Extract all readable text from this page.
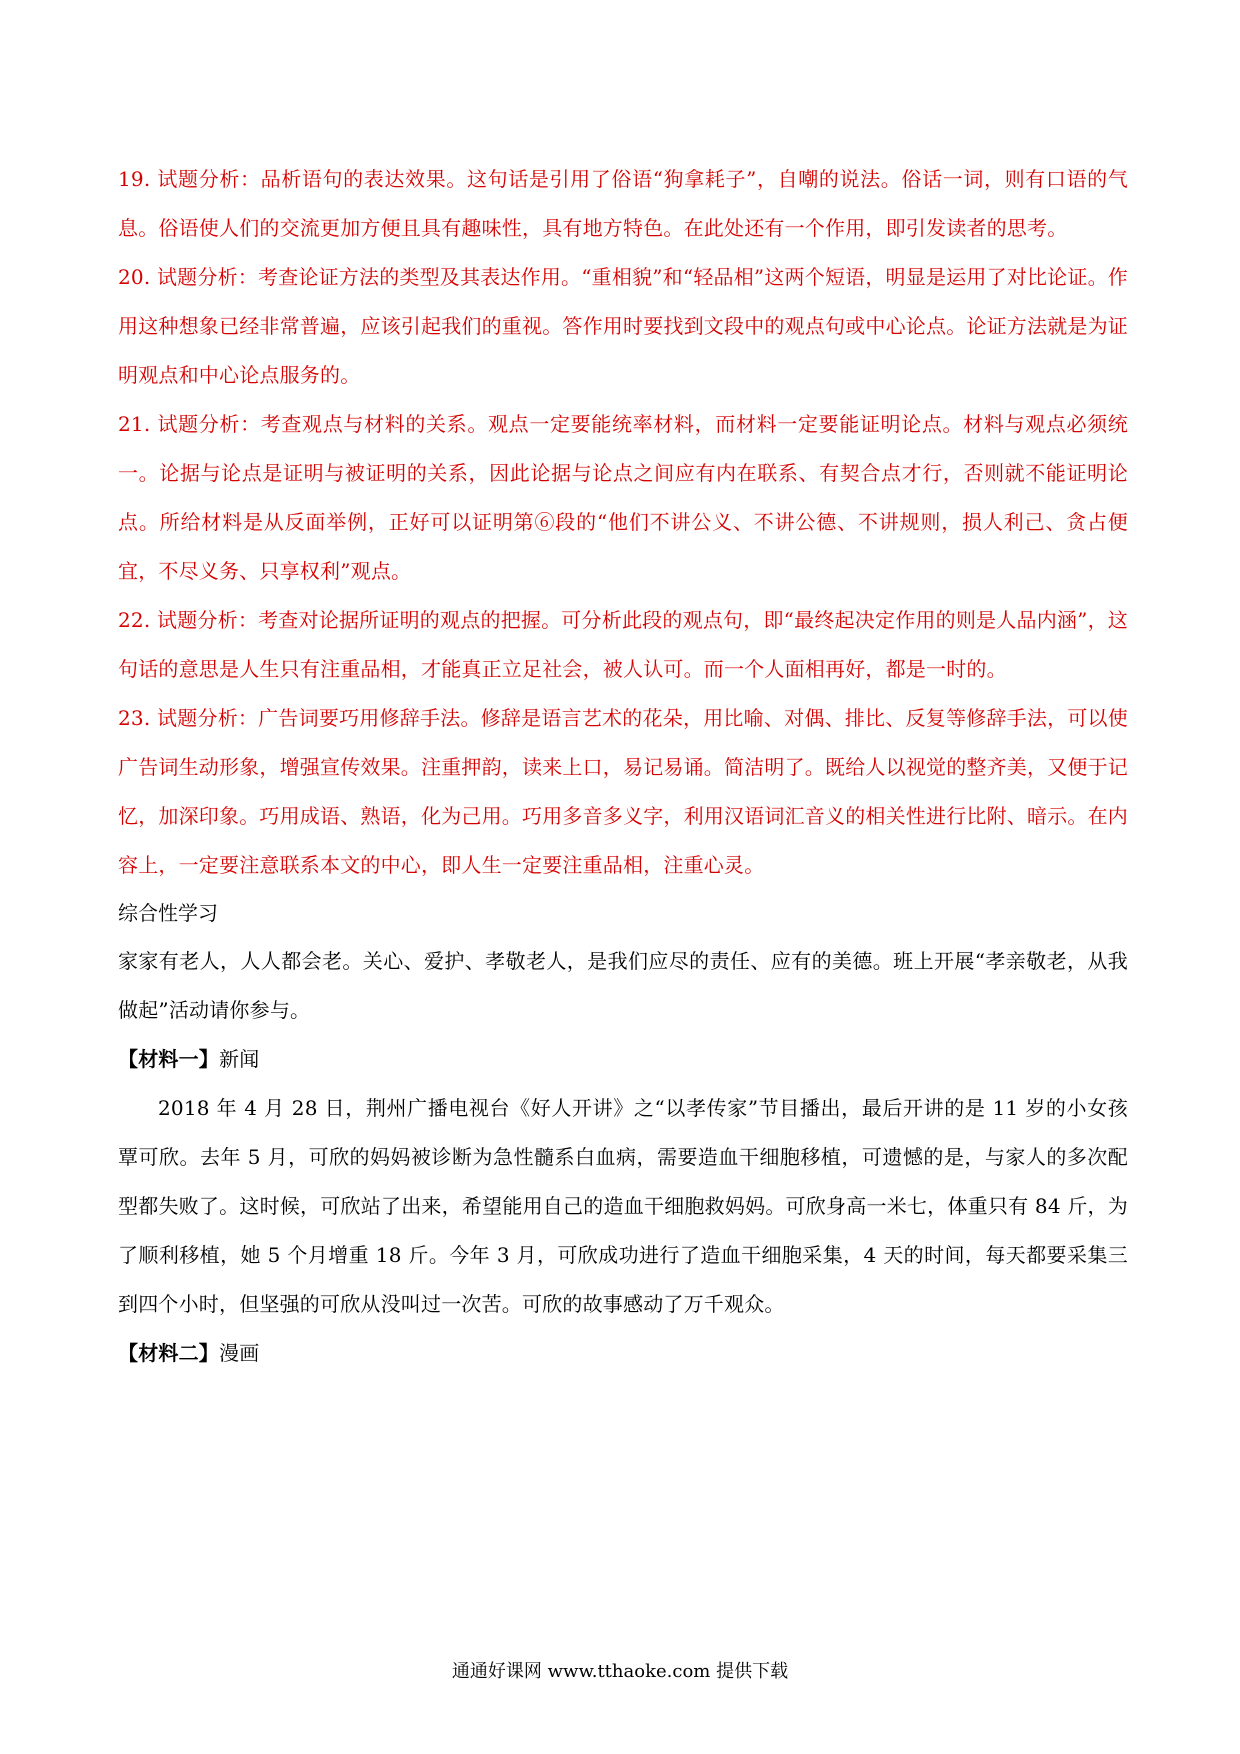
19. 试题分析：品析语句的表达效果。这句话是引用了俗语“狗拿耗子”，自嘲的说法。俗话一词，则有口语的气息。俗语使人们的交流更加方便且具有趣味性，具有地方特色。在此处还有一个作用，即引发读者的思考。

20. 试题分析：考查论证方法的类型及其表达作用。“重相貌”和“轻品相”这两个短语，明显是运用了对比论证。作用这种想象已经非常普遍，应该引起我们的重视。答作用时要找到文段中的观点句或中心论点。论证方法就是为证明观点和中心论点服务的。

21. 试题分析：考查观点与材料的关系。观点一定要能统率材料，而材料一定要能证明论点。材料与观点必须统一。论据与论点是证明与被证明的关系，因此论据与论点之间应有内在联系、有契合点才行，否则就不能证明论点。所给材料是从反面举例，正好可以证明第⑥段的“他们不讲公义、不讲公德、不讲规则，损人利己、贪占便宜，不尽义务、只享权利”观点。

22. 试题分析：考查对论据所证明的观点的把握。可分析此段的观点句，即“最终起决定作用的则是人品内涵”，这句话的意思是人生只有注重品相，才能真正立足社会，被人认可。而一个人面相再好，都是一时的。

23. 试题分析：广告词要巧用修辞手法。修辞是语言艺术的花朵，用比喻、对偶、排比、反复等修辞手法，可以使广告词生动形象，增强宣传效果。注重押韵，读来上口，易记易诵。简洁明了。既给人以视觉的整齐美，又便于记忆，加深印象。巧用成语、熟语，化为己用。巧用多音多义字，利用汉语词汇音义的相关性进行比附、暗示。在内容上，一定要注意联系本文的中心，即人生一定要注重品相，注重心灵。

综合性学习

家家有老人，人人都会老。关心、爱护、孝敬老人，是我们应尽的责任、应有的美德。班上开展“孝亲敬老，从我做起”活动请你参与。

【材料一】新闻

2018 年 4 月 28 日，荆州广播电视台《好人开讲》之“以孝传家”节目播出，最后开讲的是 11 岁的小女孩覃可欣。去年 5 月，可欣的妈妈被诊断为急性髓系白血病，需要造血干细胞移植，可遗憾的是，与家人的多次配型都失败了。这时候，可欣站了出来，希望能用自己的造血干细胞救妈妈。可欣身高一米七，体重只有 84 斤，为了顺利移植，她 5 个月增重 18 斤。今年 3 月，可欣成功进行了造血干细胞采集，4 天的时间，每天都要采集三到四个小时，但坚强的可欣从没叫过一次苦。可欣的故事感动了万千观众。

【材料二】漫画

通通好课网 www.tthaoke.com 提供下载
